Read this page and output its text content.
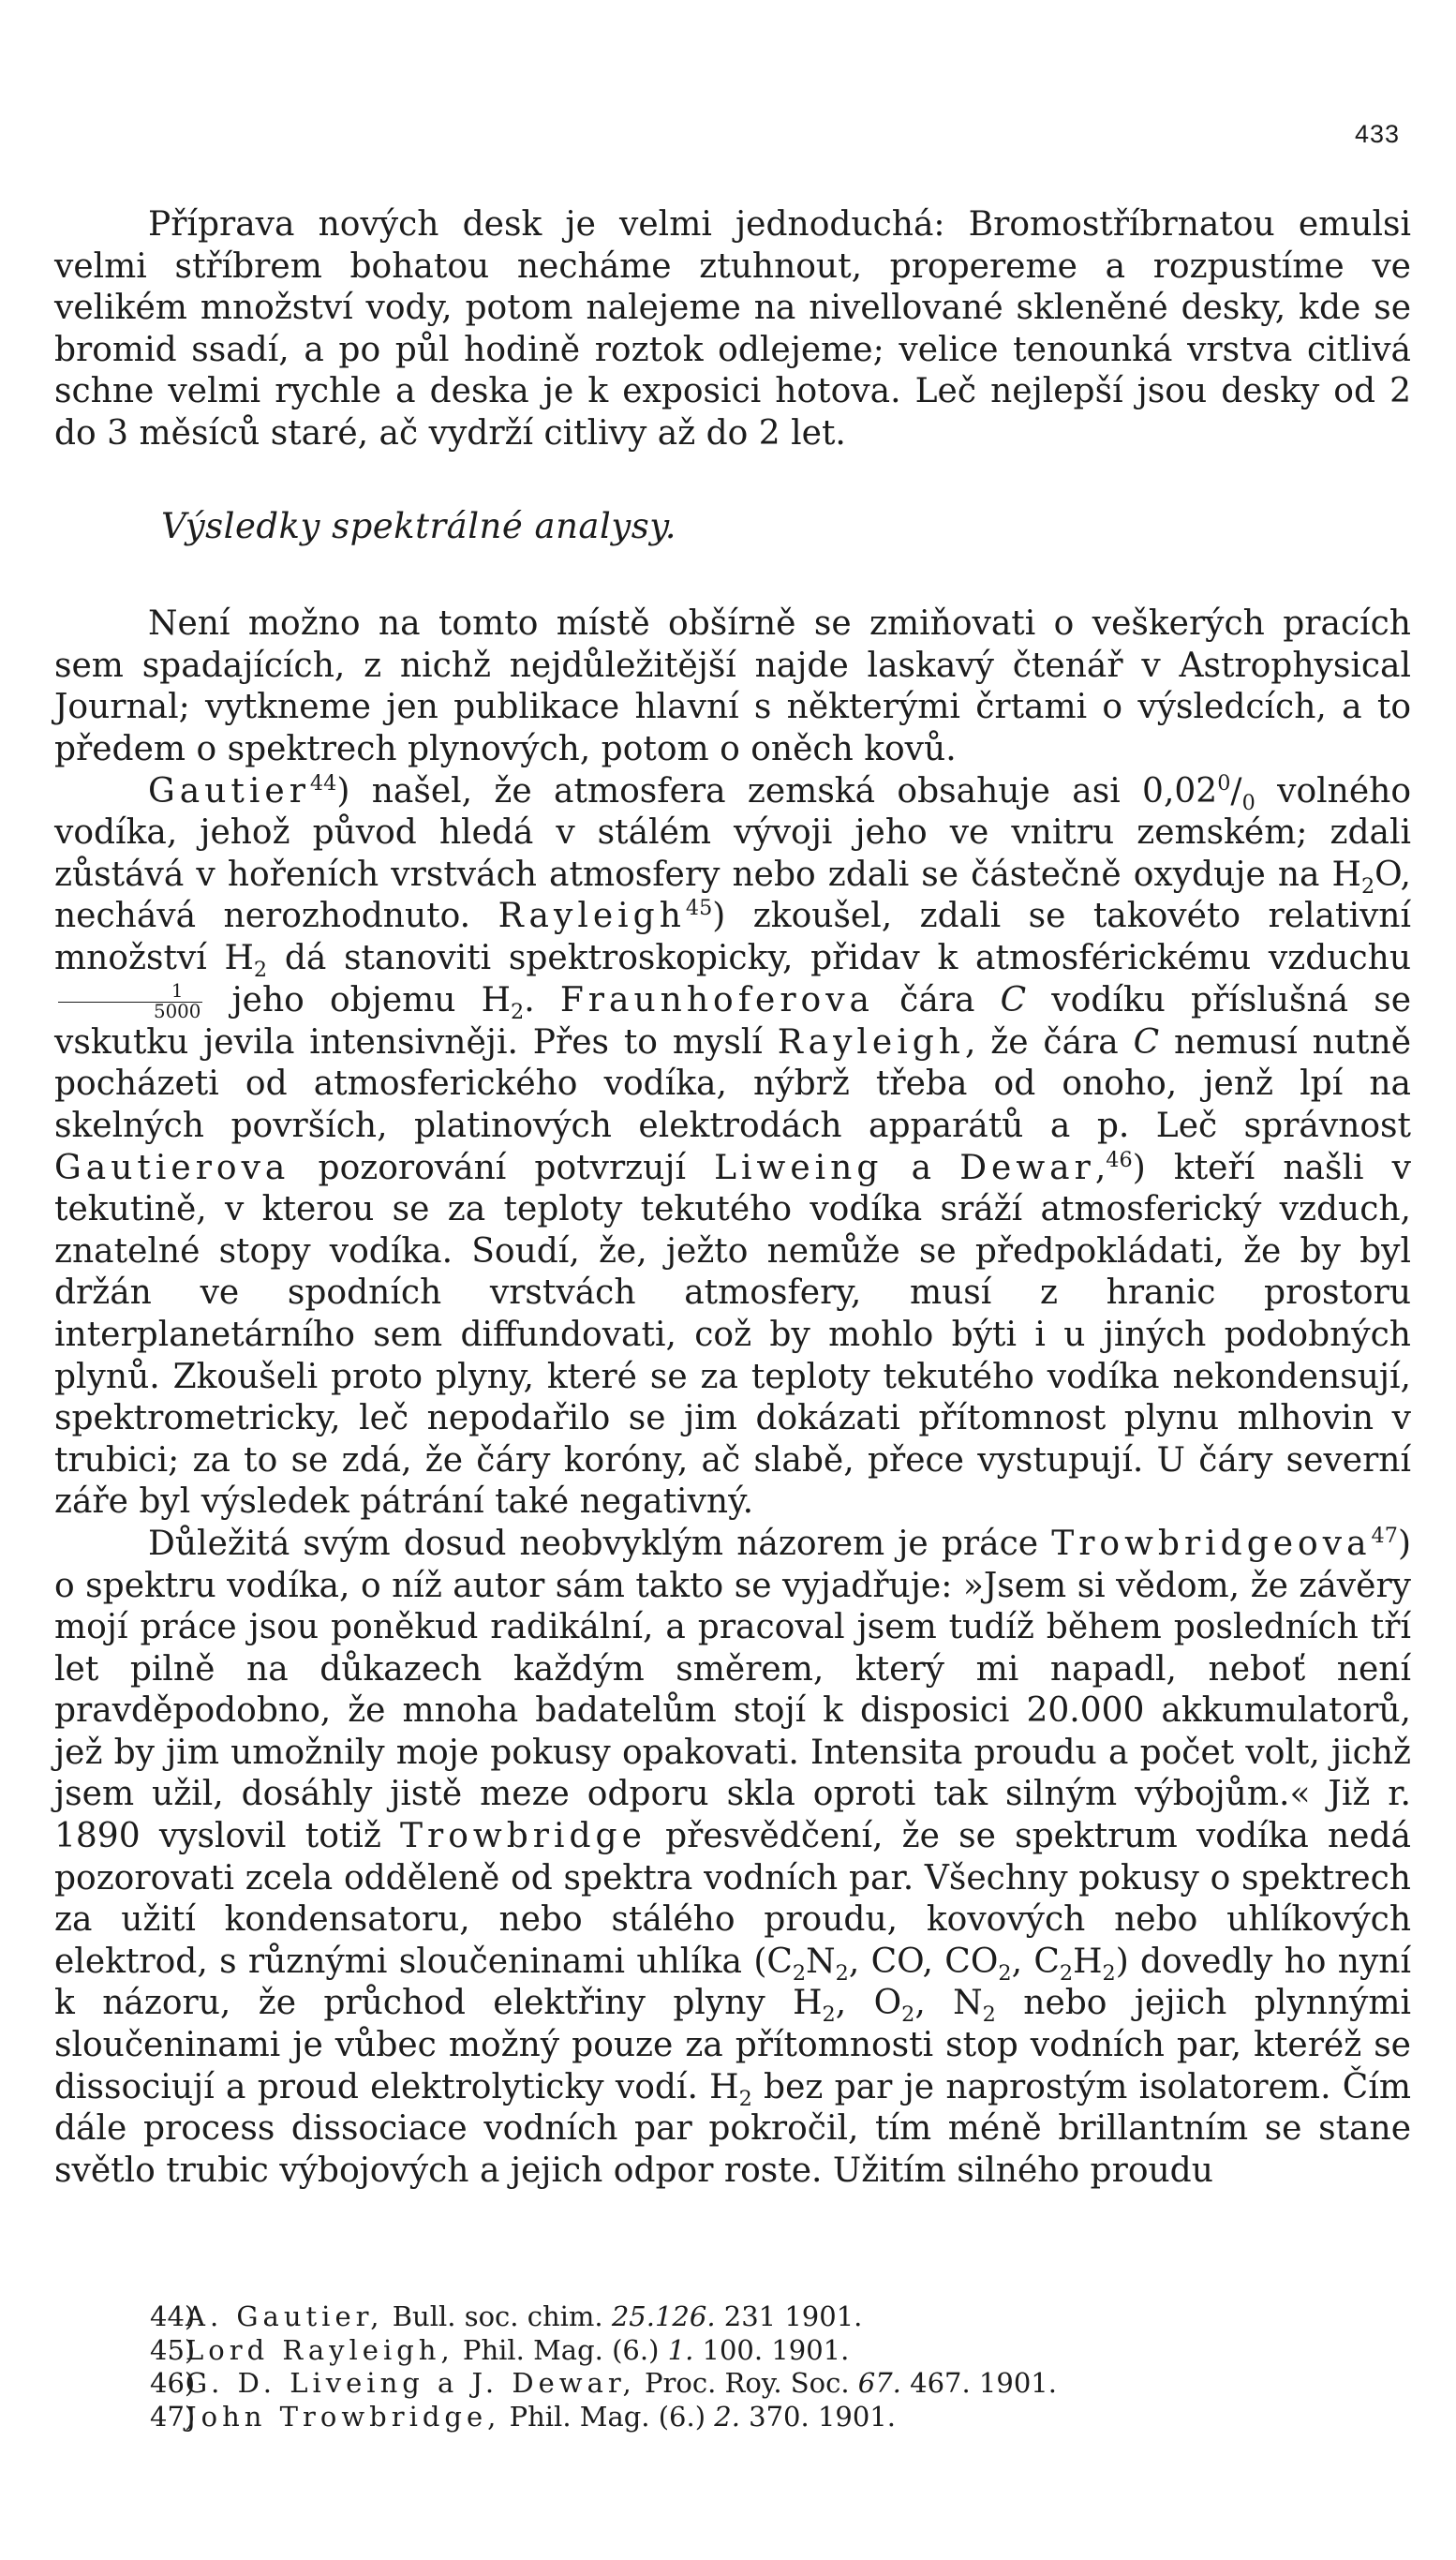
433

Příprava nových desk je velmi jednoduchá: Bromostříbrnatou emulsi velmi stříbrem bohatou necháme ztuhnout, propereme a rozpustíme ve velikém množství vody, potom nalejeme na nivellované skleněné desky, kde se bromid ssadí, a po půl hodině roztok odlejeme; velice tenounká vrstva citlivá schne velmi rychle a deska je k exposici hotova. Leč nejlepší jsou desky od 2 do 3 měsíců staré, ač vydrží citlivy až do 2 let.

Výsledky spektrálné analysy.

Není možno na tomto místě obšírně se zmiňovati o veškerých pracích sem spadajících, z nichž nejdůležitější najde laskavý čtenář v Astrophysical Journal; vytkneme jen publikace hlavní s některými črtami o výsledcích, a to předem o spektrech plynových, potom o oněch kovů.

Gautier$^{44}$) našel, že atmosfera zemská obsahuje asi $0,02^0/_0$ volného vodíka, jehož původ hledá v stálém vývoji jeho ve vnitru zemském; zdali zůstává v hořeních vrstvách atmosfery nebo zdali se částečně oxyduje na $H_2O$, nechává nerozhodnuto. Rayleigh$^{45}$) zkoušel, zdali se takovéto relativní množství $H_2$ dá stanoviti spektroskopicky, přidav k atmosférickému vzduchu
$\frac{1}{5000}$ jeho objemu $H_2$. Fraunhoferova čára C vodíku příslušná se vskutku jevila intensivněji. Přes to myslí Rayleigh, že čára C nemusí nutně pocházeti od atmosferického vodíka, nýbrž třeba od onoho, jenž lpí na skelných površích, platinových elektrodách apparátů a p. Leč správnost Gautierova pozorování potvrzují Liweing a Dewar,$^{46}$) kteří našli v tekutině, v kterou se za teploty tekutého vodíka sráží atmosferický vzduch, znatelné stopy vodíka. Soudí, že, ježto nemůže se předpokládati, že by byl držán ve spodních vrstvách atmosfery, musí z hranic prostoru interplanetárního sem diffundovati, což by mohlo býti i u jiných podobných plynů. Zkoušeli proto plyny, které se za teploty tekutého vodíka nekondensují, spektrometricky, leč nepodařilo se jim dokázati přítomnost plynu mlhovin v trubici; za to se zdá, že čáry koróny, ač slabě, přece vystupují. U čáry severní záře byl výsledek pátrání také negativný.

Důležitá svým dosud neobvyklým názorem je práce Trowbridgeova$^{47}$) o spektru vodíka, o níž autor sám takto se vyjadřuje: »Jsem si vědom, že závěry mojí práce jsou poněkud radikální, a pracoval jsem tudíž během posledních tří let pilně na důkazech každým směrem, který mi napadl, neboť není pravděpodobno, že mnoha badatelům stojí k disposici 20.000 akkumulatorů, jež by jim umožnily moje pokusy opakovati. Intensita proudu a počet volt, jichž jsem užil, dosáhly jistě meze odporu skla oproti tak silným výbojům.« Již r. 1890 vyslovil totiž Trowbridge přesvědčení, že se spektrum vodíka nedá pozorovati zcela odděleně od spektra vodních par. Všechny pokusy o spektrech za užití kondensatoru, nebo stálého proudu, kovových nebo uhlíkových elektrod, s různými sloučeninami uhlíka ($C_2N_2$, CO, $CO_2$, $C_2H_2$) dovedly ho nyní k názoru, že průchod elektřiny plyny $H_2$, $O_2$, $N_2$ nebo jejich plynnými sloučeninami je vůbec možný pouze za přítomnosti stop vodních par, kteréž se dissociují a proud elektrolyticky vodí. $H_2$ bez par je naprostým isolatorem. Čím dále process dissociace vodních par pokročil, tím méně brillantním se stane světlo trubic výbojových a jejich odpor roste. Užitím silného proudu

44)A. Gautier, Bull. soc. chim. 25.126. 231 1901.
45)Lord Rayleigh, Phil. Mag. (6.) 1. 100. 1901.
46)G. D. Liveing a J. Dewar, Proc. Roy. Soc. 67. 467. 1901.
47)John Trowbridge, Phil. Mag. (6.) 2. 370. 1901.
